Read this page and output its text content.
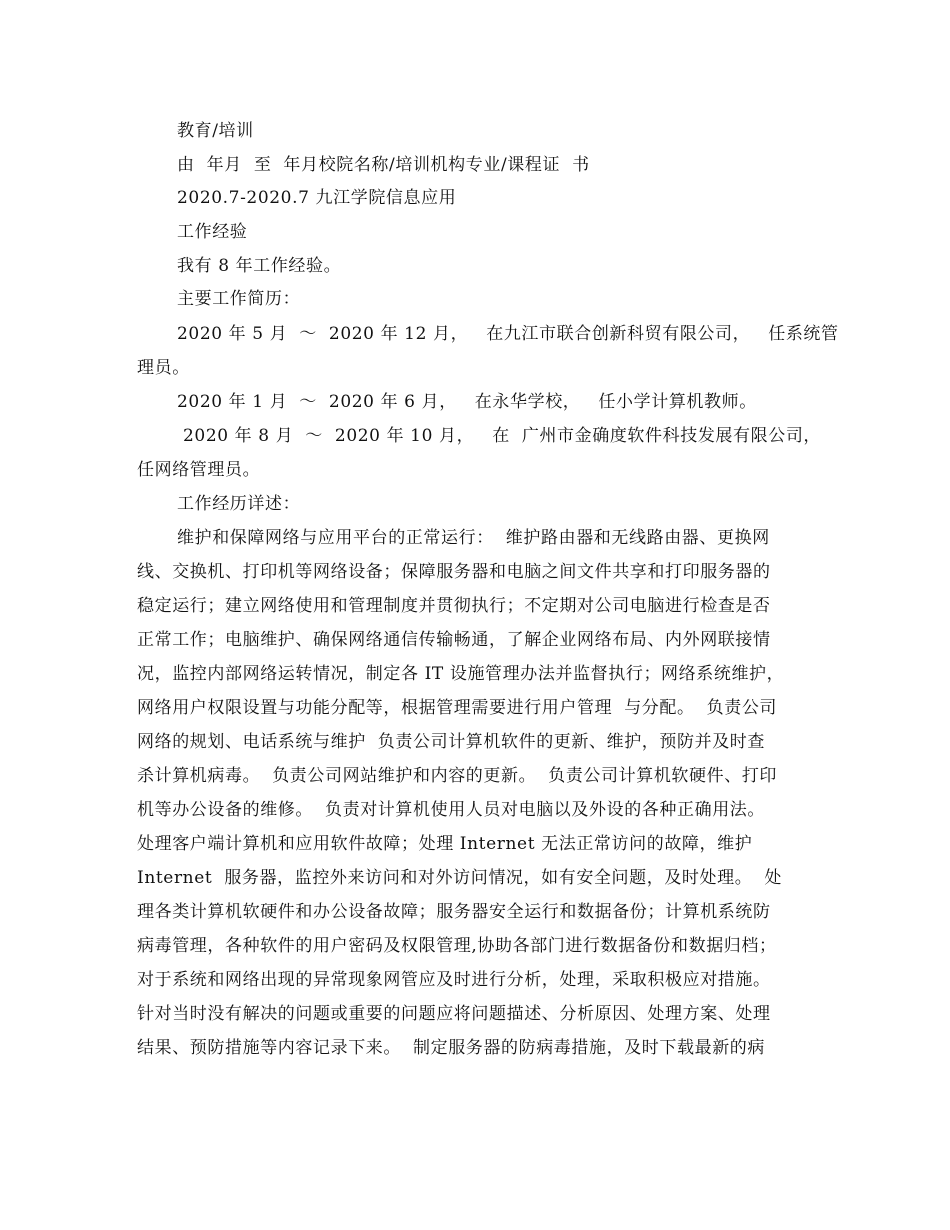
教育/培训
由  年月  至  年月校院名称/培训机构专业/课程证  书
2020.7-2020.7 九江学院信息应用
工作经验
我有 8 年工作经验。
主要工作简历：
2020 年 5 月  ～  2020 年 12 月，   在九江市联合创新科贸有限公司，   任系统管
理员。
2020 年 1 月  ～  2020 年 6 月，   在永华学校，   任小学计算机教师。
2020 年 8 月  ～  2020 年 10 月，   在  广州市金确度软件科技发展有限公司，
任网络管理员。
工作经历详述：
维护和保障网络与应用平台的正常运行：  维护路由器和无线路由器、更换网
线、交换机、打印机等网络设备；保障服务器和电脑之间文件共享和打印服务器的
稳定运行；建立网络使用和管理制度并贯彻执行；不定期对公司电脑进行检查是否
正常工作；电脑维护、确保网络通信传输畅通，了解企业网络布局、内外网联接情
况，监控内部网络运转情况，制定各 IT 设施管理办法并监督执行；网络系统维护，
网络用户权限设置与功能分配等，根据管理需要进行用户管理  与分配。  负责公司
网络的规划、电话系统与维护  负责公司计算机软件的更新、维护，预防并及时查
杀计算机病毒。  负责公司网站维护和内容的更新。  负责公司计算机软硬件、打印
机等办公设备的维修。  负责对计算机使用人员对电脑以及外设的各种正确用法。
处理客户端计算机和应用软件故障；处理 Internet 无法正常访问的故障，维护
Internet  服务器，监控外来访问和对外访问情况，如有安全问题，及时处理。  处
理各类计算机软硬件和办公设备故障；服务器安全运行和数据备份；计算机系统防
病毒管理，各种软件的用户密码及权限管理,协助各部门进行数据备份和数据归档；
对于系统和网络出现的异常现象网管应及时进行分析，处理，采取积极应对措施。
针对当时没有解决的问题或重要的问题应将问题描述、分析原因、处理方案、处理
结果、预防措施等内容记录下来。  制定服务器的防病毒措施，及时下载最新的病
